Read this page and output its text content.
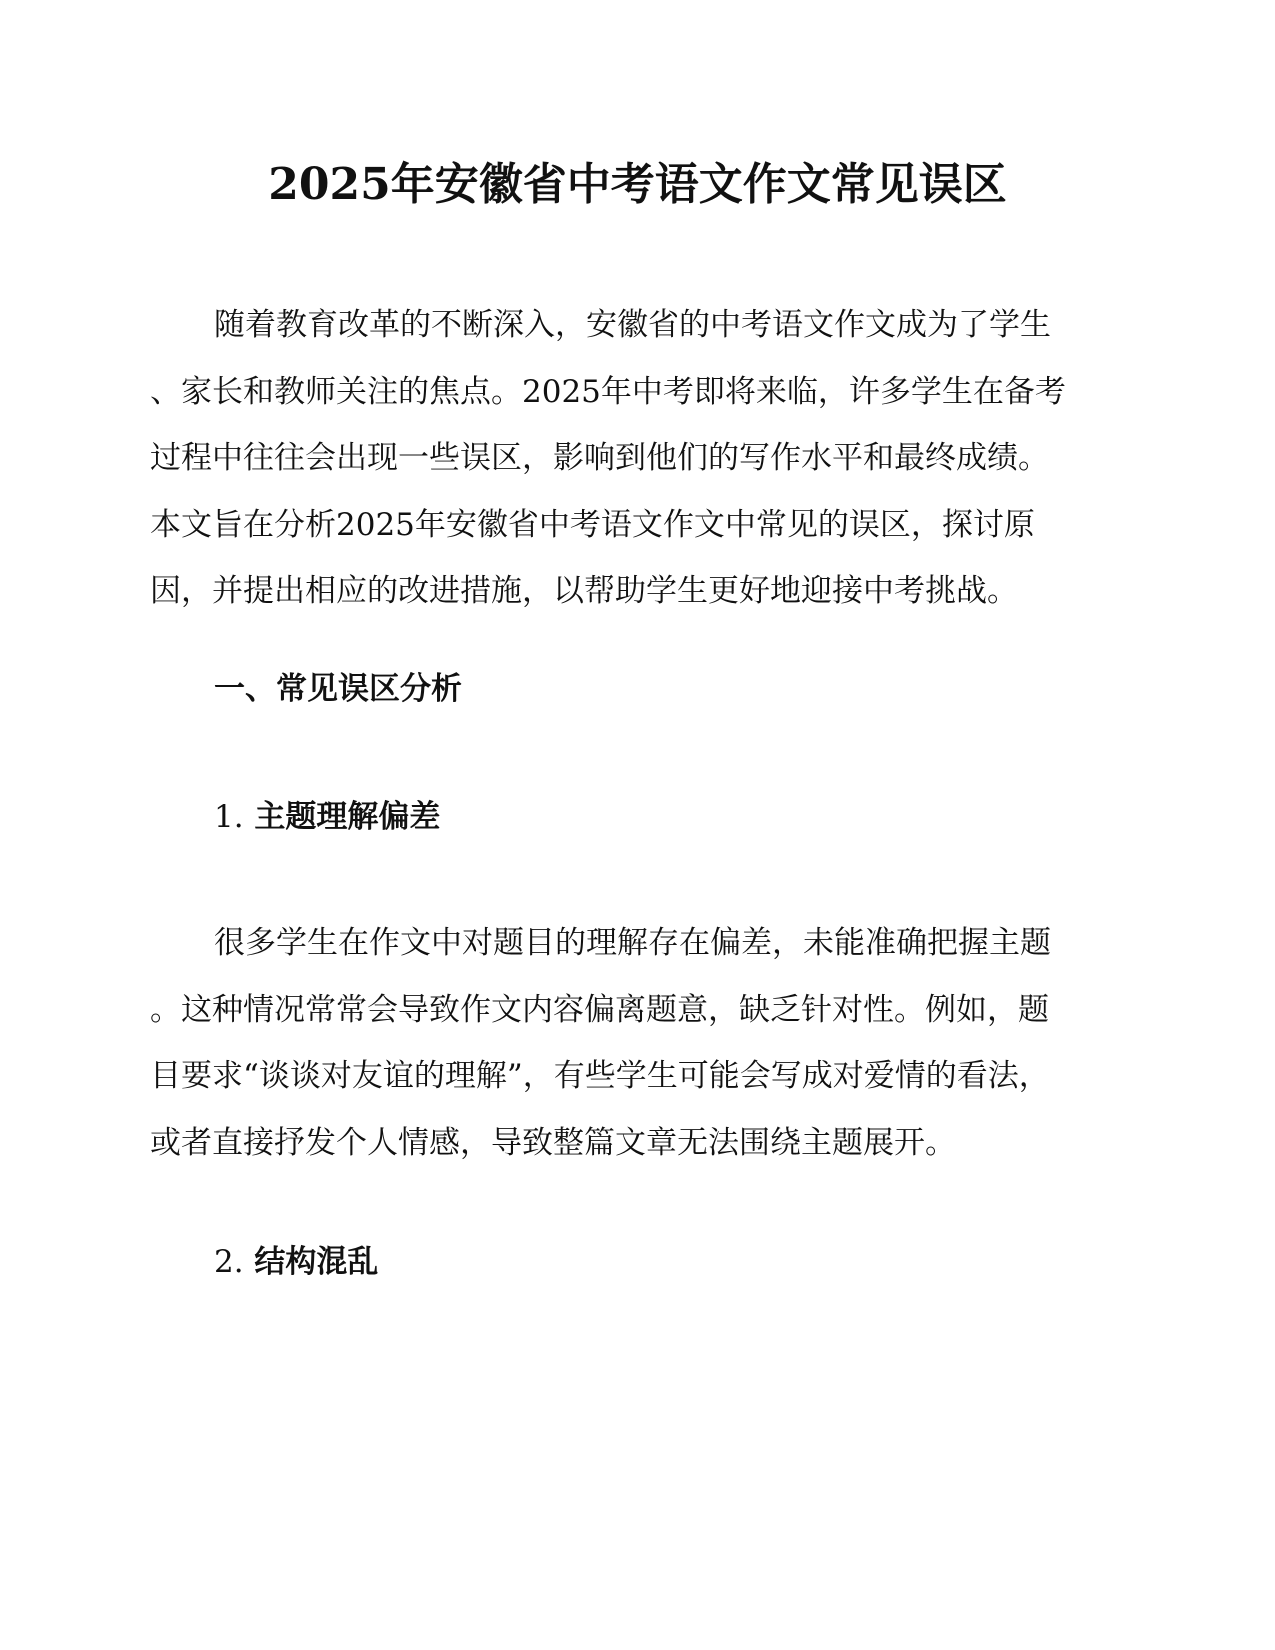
2025年安徽省中考语文作文常见误区
随着教育改革的不断深入，安徽省的中考语文作文成为了学生
、家长和教师关注的焦点。2025年中考即将来临，许多学生在备考
过程中往往会出现一些误区，影响到他们的写作水平和最终成绩。
本文旨在分析2025年安徽省中考语文作文中常见的误区，探讨原
因，并提出相应的改进措施，以帮助学生更好地迎接中考挑战。
一、常见误区分析
1. 主题理解偏差
很多学生在作文中对题目的理解存在偏差，未能准确把握主题
。这种情况常常会导致作文内容偏离题意，缺乏针对性。例如，题
目要求“谈谈对友谊的理解”，有些学生可能会写成对爱情的看法，
或者直接抒发个人情感，导致整篇文章无法围绕主题展开。
2. 结构混乱
